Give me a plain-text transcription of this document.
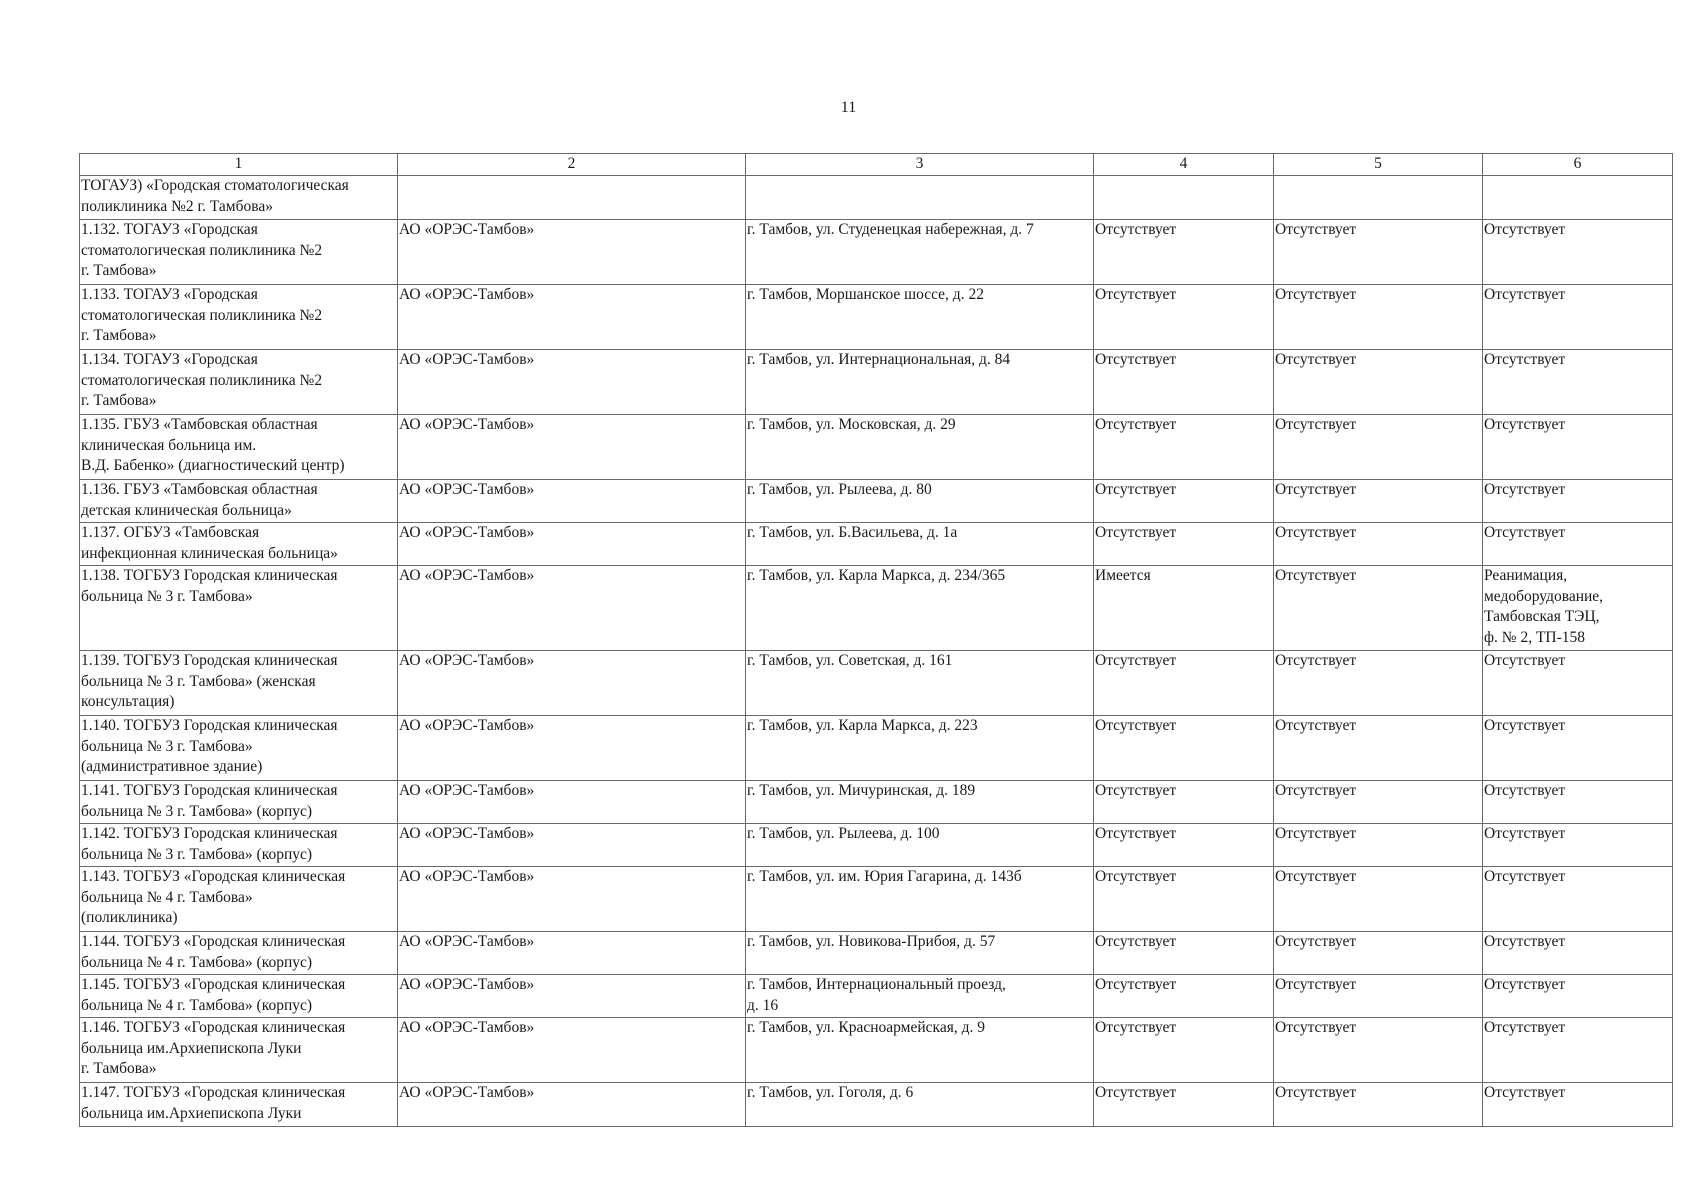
11
1	2	3	4	5	6
ТОГАУЗ) «Городская стоматологическая
поликлиника №2 г. Тамбова»					
1.132. ТОГАУЗ «Городская
стоматологическая поликлиника №2
г. Тамбова»	АО «ОРЭС-Тамбов»	г. Тамбов, ул. Студенецкая набережная, д. 7	Отсутствует	Отсутствует	Отсутствует
1.133. ТОГАУЗ «Городская
стоматологическая поликлиника №2
г. Тамбова»	АО «ОРЭС-Тамбов»	г. Тамбов, Моршанское шоссе, д. 22	Отсутствует	Отсутствует	Отсутствует
1.134. ТОГАУЗ «Городская
стоматологическая поликлиника №2
г. Тамбова»	АО «ОРЭС-Тамбов»	г. Тамбов, ул. Интернациональная, д. 84	Отсутствует	Отсутствует	Отсутствует
1.135. ГБУЗ «Тамбовская областная
клиническая больница им.
В.Д. Бабенко» (диагностический центр)	АО «ОРЭС-Тамбов»	г. Тамбов, ул. Московская, д. 29	Отсутствует	Отсутствует	Отсутствует
1.136. ГБУЗ «Тамбовская областная
детская клиническая больница»	АО «ОРЭС-Тамбов»	г. Тамбов, ул. Рылеева, д. 80	Отсутствует	Отсутствует	Отсутствует
1.137. ОГБУЗ «Тамбовская
инфекционная клиническая больница»	АО «ОРЭС-Тамбов»	г. Тамбов, ул. Б.Васильева, д. 1а	Отсутствует	Отсутствует	Отсутствует
1.138. ТОГБУЗ Городская клиническая
больница № 3 г. Тамбова»	АО «ОРЭС-Тамбов»	г. Тамбов, ул. Карла Маркса, д. 234/365	Имеется	Отсутствует	Реанимация,
медоборудование,
Тамбовская ТЭЦ,
ф. № 2, ТП-158
1.139. ТОГБУЗ Городская клиническая
больница № 3 г. Тамбова» (женская
консультация)	АО «ОРЭС-Тамбов»	г. Тамбов, ул. Советская, д. 161	Отсутствует	Отсутствует	Отсутствует
1.140. ТОГБУЗ Городская клиническая
больница № 3 г. Тамбова»
(административное здание)	АО «ОРЭС-Тамбов»	г. Тамбов, ул. Карла Маркса, д. 223	Отсутствует	Отсутствует	Отсутствует
1.141. ТОГБУЗ Городская клиническая
больница № 3 г. Тамбова» (корпус)	АО «ОРЭС-Тамбов»	г. Тамбов, ул. Мичуринская, д. 189	Отсутствует	Отсутствует	Отсутствует
1.142. ТОГБУЗ Городская клиническая
больница № 3 г. Тамбова» (корпус)	АО «ОРЭС-Тамбов»	г. Тамбов, ул. Рылеева, д. 100	Отсутствует	Отсутствует	Отсутствует
1.143. ТОГБУЗ «Городская клиническая
больница № 4 г. Тамбова»
(поликлиника)	АО «ОРЭС-Тамбов»	г. Тамбов, ул. им. Юрия Гагарина, д. 143б	Отсутствует	Отсутствует	Отсутствует
1.144. ТОГБУЗ «Городская клиническая
больница № 4 г. Тамбова» (корпус)	АО «ОРЭС-Тамбов»	г. Тамбов, ул. Новикова-Прибоя, д. 57	Отсутствует	Отсутствует	Отсутствует
1.145. ТОГБУЗ «Городская клиническая
больница № 4 г. Тамбова» (корпус)	АО «ОРЭС-Тамбов»	г. Тамбов, Интернациональный проезд,
д. 16	Отсутствует	Отсутствует	Отсутствует
1.146. ТОГБУЗ «Городская клиническая
больница им.Архиепископа Луки
г. Тамбова»	АО «ОРЭС-Тамбов»	г. Тамбов, ул. Красноармейская, д. 9	Отсутствует	Отсутствует	Отсутствует
1.147. ТОГБУЗ «Городская клиническая
больница им.Архиепископа Луки	АО «ОРЭС-Тамбов»	г. Тамбов, ул. Гоголя, д. 6	Отсутствует	Отсутствует	Отсутствует
